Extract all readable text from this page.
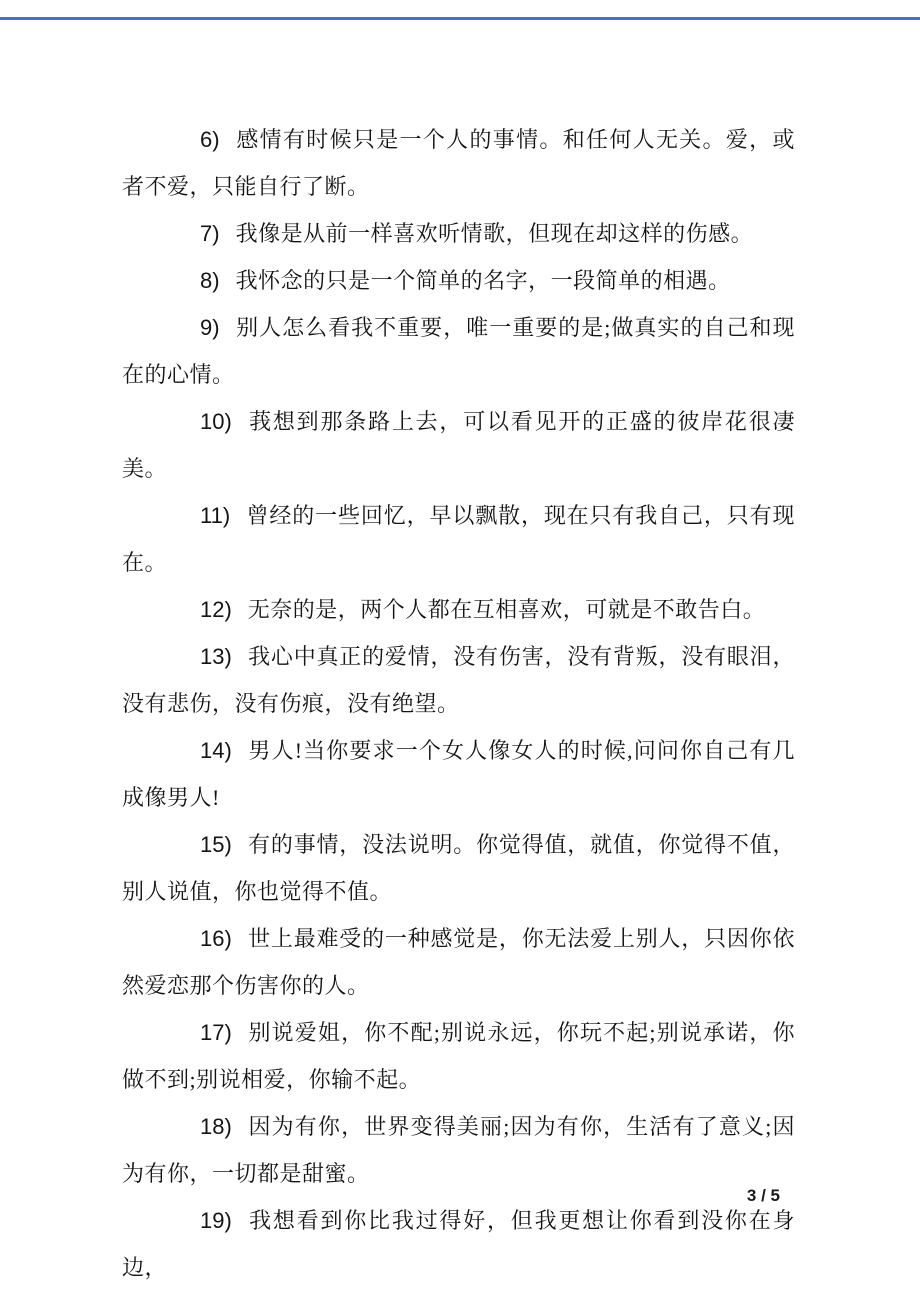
6) 感情有时候只是一个人的事情。和任何人无关。爱，或者不爱，只能自行了断。

7) 我像是从前一样喜欢听情歌，但现在却这样的伤感。

8) 我怀念的只是一个简单的名字，一段简单的相遇。

9) 别人怎么看我不重要，唯一重要的是;做真实的自己和现在的心情。

10) 莪想到那条路上去，可以看见开的正盛的彼岸花很凄美。

11) 曾经的一些回忆，早以飘散，现在只有我自己，只有现在。

12) 无奈的是，两个人都在互相喜欢，可就是不敢告白。

13) 我心中真正的爱情，没有伤害，没有背叛，没有眼泪，没有悲伤，没有伤痕，没有绝望。

14) 男人!当你要求一个女人像女人的时候,问问你自己有几成像男人!

15) 有的事情，没法说明。你觉得值，就值，你觉得不值，别人说值，你也觉得不值。

16) 世上最难受的一种感觉是，你无法爱上别人，只因你依然爱恋那个伤害你的人。

17) 别说爱姐，你不配;别说永远，你玩不起;别说承诺，你做不到;别说相爱，你输不起。

18) 因为有你，世界变得美丽;因为有你，生活有了意义;因为有你，一切都是甜蜜。

19) 我想看到你比我过得好，但我更想让你看到没你在身边，

3 / 5
